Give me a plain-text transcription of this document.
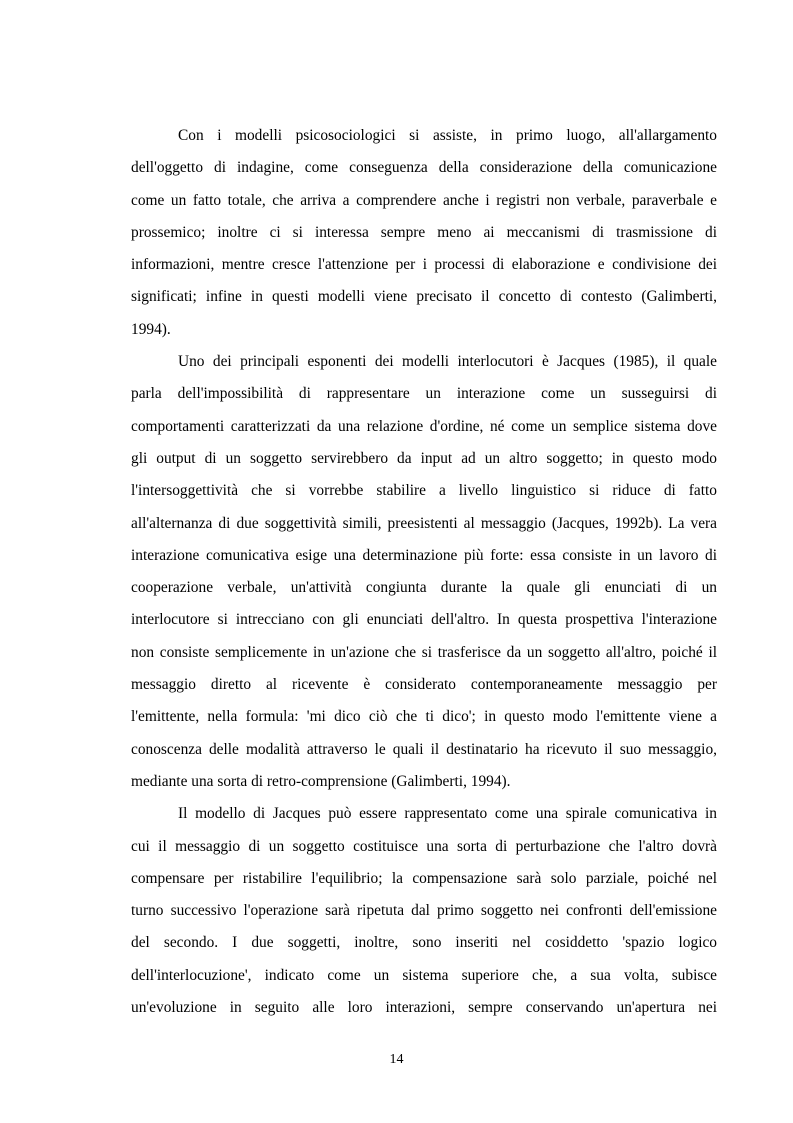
Con i modelli psicosociologici si assiste, in primo luogo, all'allargamento
dell'oggetto di indagine, come conseguenza della considerazione della comunicazione
come un fatto totale, che arriva a comprendere anche i registri non verbale, paraverbale e
prossemico; inoltre ci si interessa sempre meno ai meccanismi di trasmissione di
informazioni, mentre cresce l'attenzione per i processi di elaborazione e condivisione dei
significati; infine in questi modelli viene precisato il concetto di contesto (Galimberti,
1994).
Uno dei principali esponenti dei modelli interlocutori è Jacques (1985), il quale
parla dell'impossibilità di rappresentare un interazione come un susseguirsi di
comportamenti caratterizzati da una relazione d'ordine, né come un semplice sistema dove
gli output di un soggetto servirebbero da input ad un altro soggetto; in questo modo
l'intersoggettività che si vorrebbe stabilire a livello linguistico si riduce di fatto
all'alternanza di due soggettività simili, preesistenti al messaggio (Jacques, 1992b). La vera
interazione comunicativa esige una determinazione più forte: essa consiste in un lavoro di
cooperazione verbale, un'attività congiunta durante la quale gli enunciati di un
interlocutore si intrecciano con gli enunciati dell'altro. In questa prospettiva l'interazione
non consiste semplicemente in un'azione che si trasferisce da un soggetto all'altro, poiché il
messaggio diretto al ricevente è considerato contemporaneamente messaggio per
l'emittente, nella formula: 'mi dico ciò che ti dico'; in questo modo l'emittente viene a
conoscenza delle modalità attraverso le quali il destinatario ha ricevuto il suo messaggio,
mediante una sorta di retro-comprensione (Galimberti, 1994).
Il modello di Jacques può essere rappresentato come una spirale comunicativa in
cui il messaggio di un soggetto costituisce una sorta di perturbazione che l'altro dovrà
compensare per ristabilire l'equilibrio; la compensazione sarà solo parziale, poiché nel
turno successivo l'operazione sarà ripetuta dal primo soggetto nei confronti dell'emissione
del secondo. I due soggetti, inoltre, sono inseriti nel cosiddetto 'spazio logico
dell'interlocuzione', indicato come un sistema superiore che, a sua volta, subisce
un'evoluzione in seguito alle loro interazioni, sempre conservando un'apertura nei
14
